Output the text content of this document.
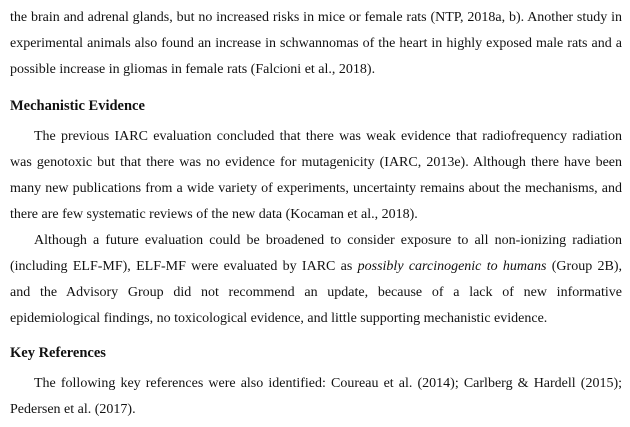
the brain and adrenal glands, but no increased risks in mice or female rats (NTP, 2018a, b). Another study in
experimental animals also found an increase in schwannomas of the heart in highly exposed male rats and a
possible increase in gliomas in female rats (Falcioni et al., 2018).
Mechanistic Evidence
The previous IARC evaluation concluded that there was weak evidence that radiofrequency radiation
was genotoxic but that there was no evidence for mutagenicity (IARC, 2013e). Although there have been
many new publications from a wide variety of experiments, uncertainty remains about the mechanisms, and
there are few systematic reviews of the new data (Kocaman et al., 2018).
Although a future evaluation could be broadened to consider exposure to all non-ionizing radiation
(including ELF-MF), ELF-MF were evaluated by IARC as possibly carcinogenic to humans (Group 2B),
and the Advisory Group did not recommend an update, because of a lack of new informative
epidemiological findings, no toxicological evidence, and little supporting mechanistic evidence.
Key References
The following key references were also identified: Coureau et al. (2014); Carlberg & Hardell (2015);
Pedersen et al. (2017).
